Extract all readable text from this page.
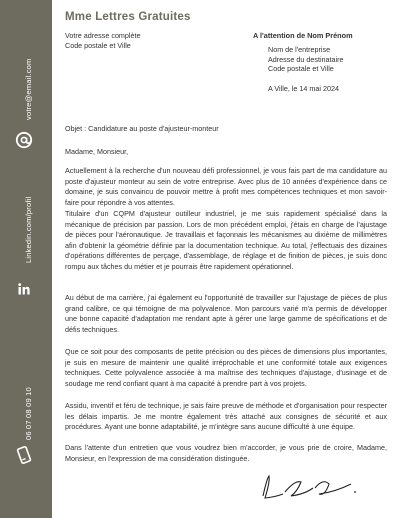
votre@email.com
Linkedin.com/profil
06 07 08 09 10
Mme Lettres Gratuites
Votre adresse complète
Code postale et Ville
A l'attention de Nom Prénom
Nom de l'entreprise
Adresse du destinataire
Code postale et Ville
A Ville, le 14 mai 2024
Objet : Candidature au poste d'ajusteur-monteur
Madame, Monsieur,
Actuellement à la recherche d'un nouveau défi professionnel, je vous fais part de ma candidature au poste d'ajusteur monteur au sein de votre entreprise. Avec plus de 10 années d'expérience dans ce domaine, je suis convaincu de pouvoir mettre à profit mes compétences techniques et mon savoir-faire pour répondre à vos attentes.
Titulaire d'un CQPM d'ajusteur outilleur industriel, je me suis rapidement spécialisé dans la mécanique de précision par passion. Lors de mon précédent emploi, j'étais en charge de l'ajustage de pièces pour l'aéronautique. Je travaillais et façonnais les mécanismes au dixième de millimètres afin d'obtenir la géométrie définie par la documentation technique. Au total, j'effectuais des dizaines d'opérations différentes de perçage, d'assemblage, de réglage et de finition de pièces, je suis donc rompu aux tâches du métier et je pourrais être rapidement opérationnel.
Au début de ma carrière, j'ai également eu l'opportunité de travailler sur l'ajustage de pièces de plus grand calibre, ce qui témoigne de ma polyvalence. Mon parcours varié m'a permis de développer une bonne capacité d'adaptation me rendant apte à gérer une large gamme de spécifications et de défis techniques.
Que ce soit pour des composants de petite précision ou des pièces de dimensions plus importantes, je suis en mesure de maintenir une qualité irréprochable et une conformité totale aux exigences techniques. Cette polyvalence associée à ma maîtrise des techniques d'ajustage, d'usinage et de soudage me rend confiant quant à ma capacité à prendre part à vos projets.
Assidu, inventif et féru de technique, je sais faire preuve de méthode et d'organisation pour respecter les délais impartis. Je me montre également très attaché aux consignes de sécurité et aux procédures. Ayant une bonne adaptabilité, je m'intègre sans aucune difficulté à une équipe.
Dans l'attente d'un entretien que vous voudrez bien m'accorder, je vous prie de croire, Madame, Monsieur, en l'expression de ma considération distinguée.
